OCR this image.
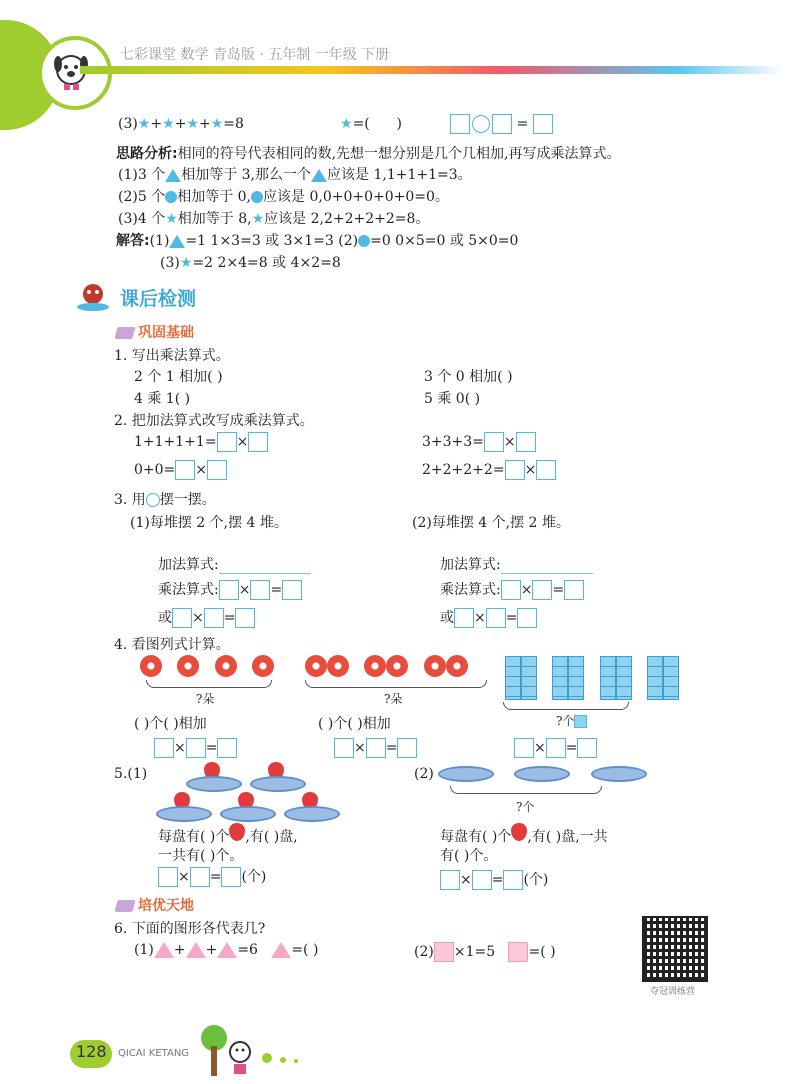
七彩课堂 数学 青岛版 · 五年制 一年级 下册
(3)★+★+★+★=8	★=( )	=
思路分析:相同的符号代表相同的数,先想一想分别是几个几相加,再写成乘法算式。
(1)3 个 相加等于 3,那么一个 应该是 1,1+1+1=3。
(2)5 个 相加等于 0, 应该是 0,0+0+0+0+0=0。
(3)4 个★相加等于 8,★应该是 2,2+2+2+2=8。
解答:(1) =1 1×3=3 或 3×1=3 (2) =0 0×5=0 或 5×0=0
(3)★=2 2×4=8 或 4×2=8
课后检测
巩固基础
1. 写出乘法算式。
2 个 1 相加( )	3 个 0 相加( )
4 乘 1( )	5 乘 0( )
2. 把加法算式改写成乘法算式。
1+1+1+1= ×	3+3+3= ×
0+0= ×	2+2+2+2= ×
3. 用 摆一摆。
(1)每堆摆 2 个,摆 4 堆。	(2)每堆摆 4 个,摆 2 堆。
加法算式:
乘法算式: × =
或 × =
加法算式:
乘法算式: × =
或 × =
4. 看图列式计算。

?朵
	?朵

?个
( )个( )相加	( )个( )相加
× =	× =	× =
5.(1)	(2)

?个
每盘有( )个 ,有( )盘,
一共有( )个。
× = (个)
每盘有( )个 ,有( )盘,一共
有( )个。
× = (个)
培优天地
6. 下面的图形各代表几?
(1) + + =6 =( )	(2) ×1=5 =( )
夺冠训练营
128 QICAI KETANG
